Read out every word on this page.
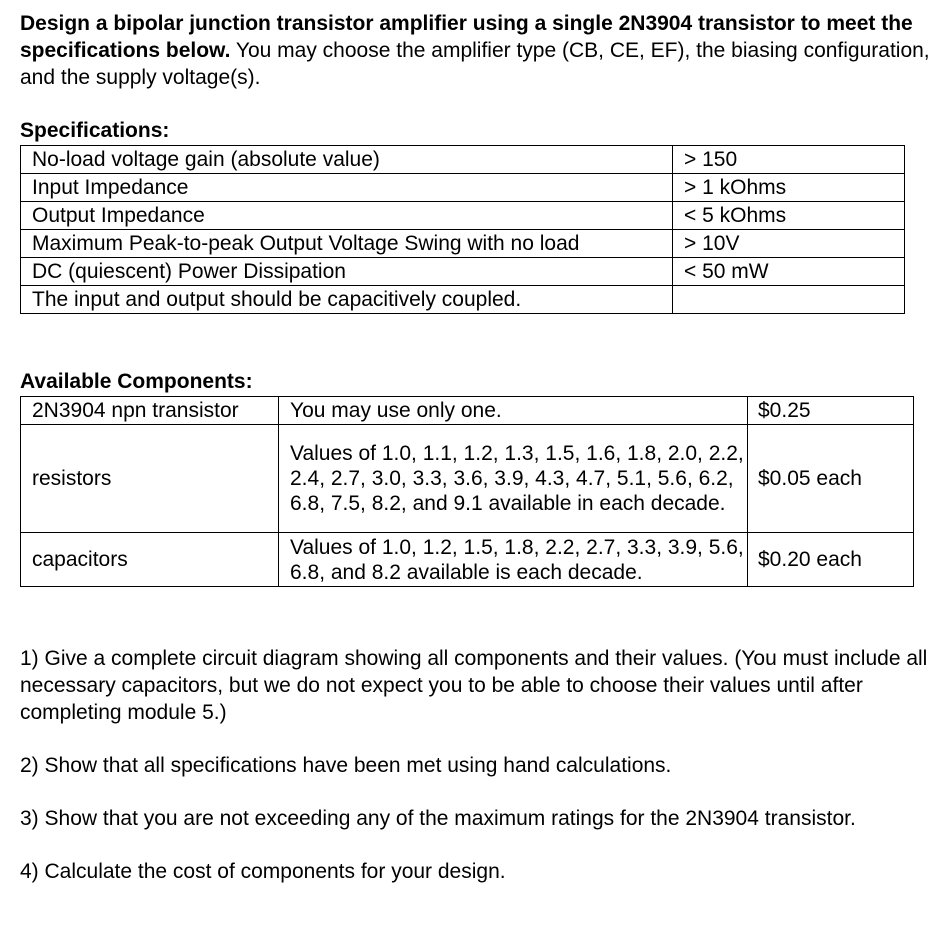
Design a bipolar junction transistor amplifier using a single 2N3904 transistor to meet the specifications below. You may choose the amplifier type (CB, CE, EF), the biasing configuration, and the supply voltage(s).
Specifications:
No-load voltage gain (absolute value)	> 150
Input Impedance	> 1 kOhms
Output Impedance	< 5 kOhms
Maximum Peak-to-peak Output Voltage Swing with no load	> 10V
DC (quiescent) Power Dissipation	< 50 mW
The input and output should be capacitively coupled.	
Available Components:
2N3904 npn transistor	You may use only one.	$0.25
resistors	Values of 1.0, 1.1, 1.2, 1.3, 1.5, 1.6, 1.8, 2.0, 2.2, 2.4, 2.7, 3.0, 3.3, 3.6, 3.9, 4.3, 4.7, 5.1, 5.6, 6.2, 6.8, 7.5, 8.2, and 9.1 available in each decade.	$0.05 each
capacitors	Values of 1.0, 1.2, 1.5, 1.8, 2.2, 2.7, 3.3, 3.9, 5.6, 6.8, and 8.2 available is each decade.	$0.20 each

1) Give a complete circuit diagram showing all components and their values. (You must include all necessary capacitors, but we do not expect you to be able to choose their values until after completing module 5.)

2) Show that all specifications have been met using hand calculations.

3) Show that you are not exceeding any of the maximum ratings for the 2N3904 transistor.

4) Calculate the cost of components for your design.
